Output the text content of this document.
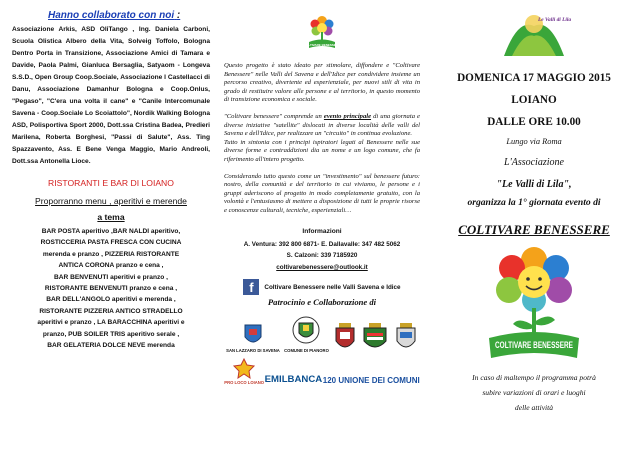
Hanno collaborato con noi :
Associazione Arkis, ASD OliTango , Ing. Daniela Carboni, Scuola Olistica Albero della Vita, Solveig Toffolo, Bologna Dentro Porta in Transizione, Associazione Amici di Tamara e Davide, Paola Palmi, Gianluca Bersaglia, Satyaom - Longeva S.S.D., Open Group Coop.Sociale, Associazione I Castellacci di Danu, Associazione Damanhur Bologna e Coop.Onlus, "Pegaso", "C'era una volta il cane" e "Canile Intercomunale Savena - Coop.Sociale Lo Scoiattolo", Nordik Walking Bologna ASD, Polisportiva Sport 2000, Dott.ssa Cristina Badea, Predieri Marilena, Roberta Borghesi, "Passi di Salute", Ass. Ting Spazzavento, Ass. E Bene Venga Maggio, Mario Andreoli, Dott.ssa Antonella Lioce.
RISTORANTI E BAR DI LOIANO
Proporranno menu , aperitivi e merende
a tema
BAR POSTA aperitivo ,BAR NALDI aperitivo,
ROSTICCERIA PASTA FRESCA CON CUCINA
merenda e pranzo , PIZZERIA RISTORANTE
ANTICA CORONA pranzo e cena ,
BAR BENVENUTI aperitivi e pranzo ,
RISTORANTE BENVENUTI pranzo e cena ,
BAR DELL'ANGOLO aperitivi e merenda ,
RISTORANTE PIZZERIA ANTICO STRADELLO
aperitivi e pranzo , LA BARACCHINA aperitivi e
pranzo, PUB SOILER TRIS aperitivo serale ,
BAR GELATERIA DOLCE NEVE merenda
COLTIVARE BENESSERE
Questo progetto è stato ideato per stimolare, diffondere e "Coltivare Benessere" nelle Valli del Savena e dell'Idice per condividere insieme un percorso creativo, divertente ed esperienziale, per nuovi stili di vita in grado di restituire valore alle persone e al territorio, in questo momento di transizione economica e sociale.
"Coltivare benessere" comprende un evento principale di una giornata e diverse iniziative "satellite" dislocati in diverse località delle valli del Savena e dell'Idice, per realizzare un "circuito" in continua evoluzione.
Tutto in sintonia con i principi ispiratori legati al Benessere nelle sue diverse forme e contraddizioni dia un nome e un logo comune, che fa riferimento all'intero progetto.
Considerando tutto questo come un "investimento" sul benessere futuro: nostro, della comunità e del territorio in cui viviamo, le persone e i gruppi aderiscono al progetto in modo completamente gratuito, con la volontà e l'entusiasmo di mettere a disposizione di tutti le proprie risorse e conoscenze culturali, tecniche, esperienziali…
Informazioni
A. Ventura: 392 800 6871- E. Dallavalle: 347 482 5062
S. Calzoni: 339 7185920
coltivarebenessere@outlook.it
f	Coltivare Benessere nelle Valli Savena e Idice
Patrocinio e Collaborazione di
SAN LAZZARO DI SAVENA COMUNE DI PIANORO
PRO LOCO LOIANO EMILBANCA 120 UNIONE DEI COMUNI
Le Valli di Lila
DOMENICA 17 MAGGIO 2015
LOIANO
DALLE ORE 10.00
Lungo via Roma
L'Associazione
"Le Valli di Lila",
organizza la 1° giornata evento di
COLTIVARE BENESSERE
COLTIVARE BENESSERE
In caso di maltempo il programma potrà
subire variazioni di orari e luoghi
delle attività
